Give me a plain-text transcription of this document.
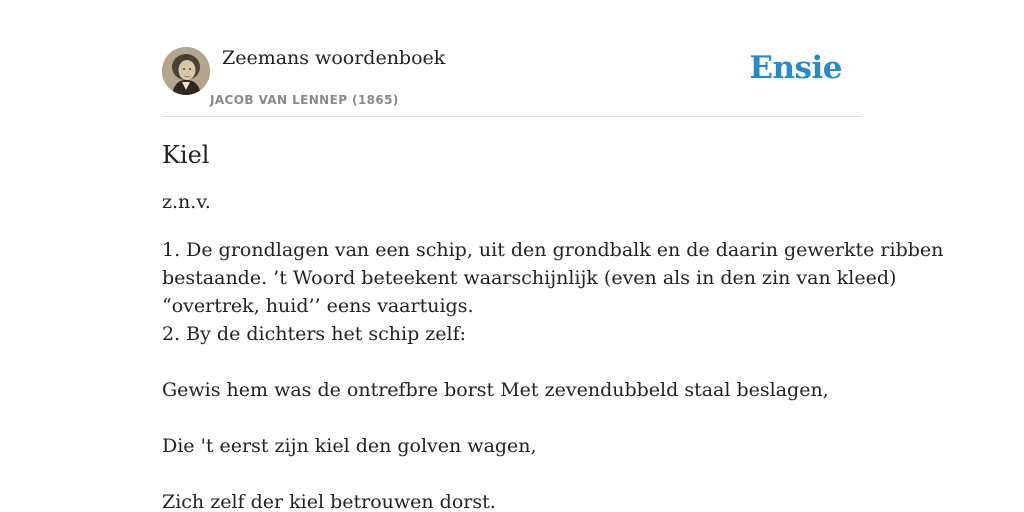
Zeemans woordenboek
JACOB VAN LENNEP (1865)
Ensie
Kiel
z.n.v.

1. De grondlagen van een schip, uit den grondbalk en de daarin gewerkte ribben

bestaande. ’t Woord beteekent waarschijnlijk (even als in den zin van kleed)

“overtrek, huid’’ eens vaartuigs.

2. By de dichters het schip zelf:

Gewis hem was de ontrefbre borst Met zevendubbeld staal beslagen,

Die 't eerst zijn kiel den golven wagen,

Zich zelf der kiel betrouwen dorst.
